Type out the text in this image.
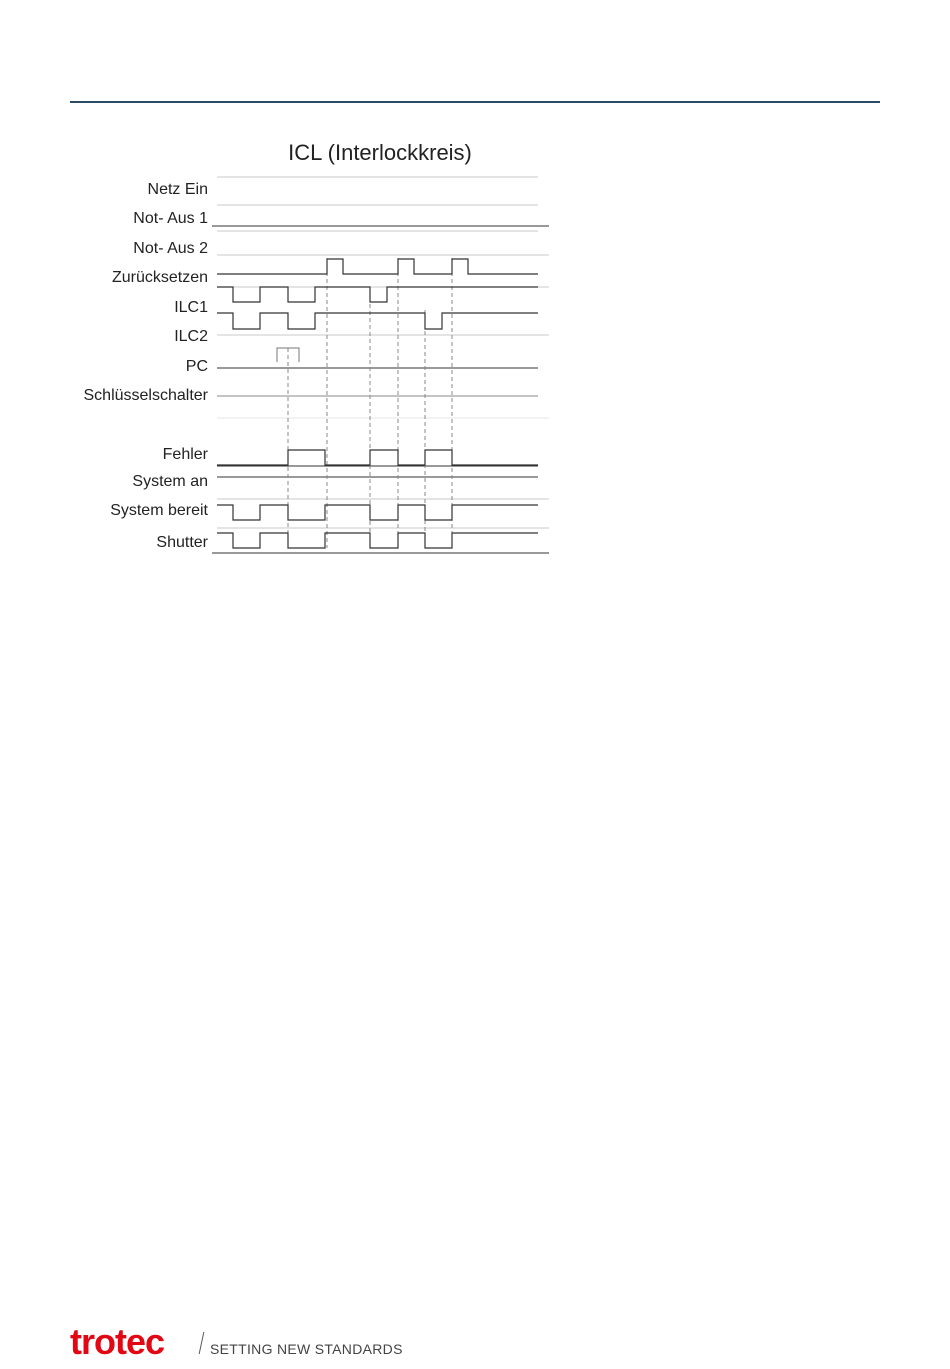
ICL (Interlockkreis)
Netz Ein
Not- Aus 1
Not- Aus 2
Zurücksetzen
ILC1
ILC2
PC
Schlüsselschalter
Fehler
System an
System bereit
Shutter
trotec	SETTING NEW STANDARDS
